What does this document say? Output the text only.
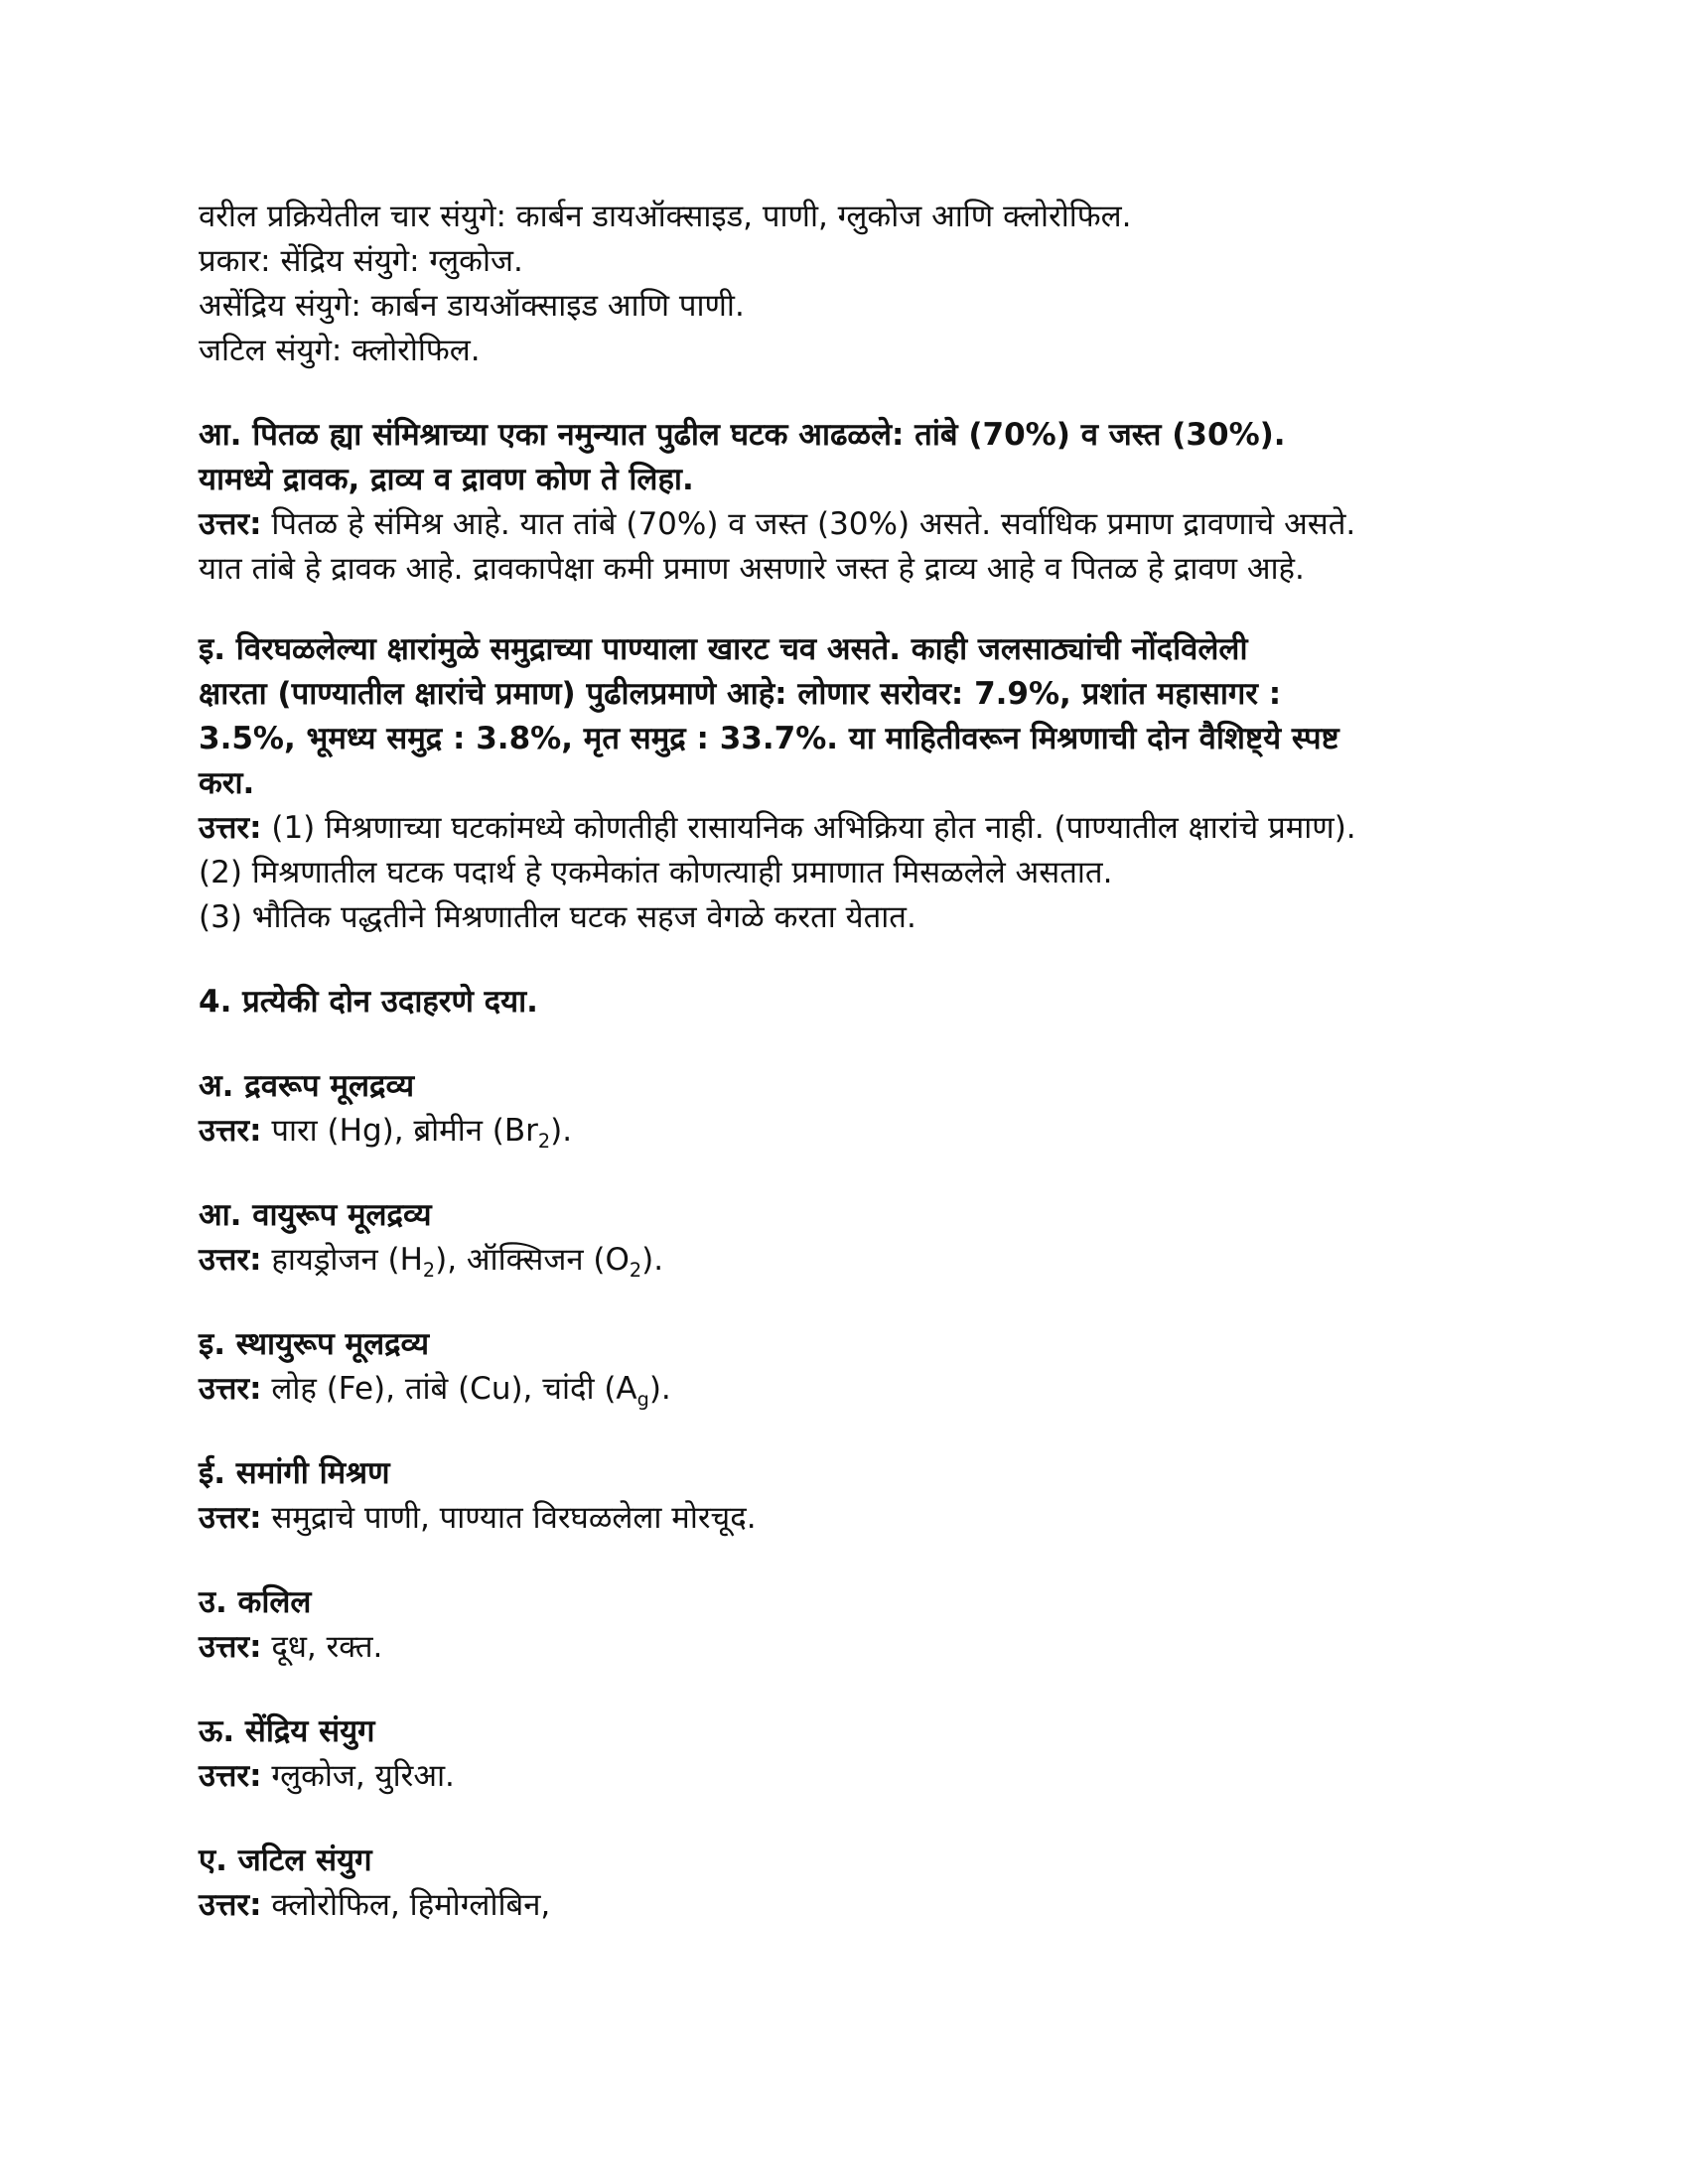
वरील प्रक्रियेतील चार संयुगे: कार्बन डायऑक्साइड, पाणी, ग्लुकोज आणि क्लोरोफिल.

प्रकार: सेंद्रिय संयुगे: ग्लुकोज.

असेंद्रिय संयुगे: कार्बन डायऑक्साइड आणि पाणी.

जटिल संयुगे: क्लोरोफिल.

आ. पितळ ह्या संमिश्राच्या एका नमुन्यात पुढील घटक आढळले: तांबे (70%) व जस्त (30%).

यामध्ये द्रावक, द्राव्य व द्रावण कोण ते लिहा.

उत्तर: पितळ हे संमिश्र आहे. यात तांबे (70%) व जस्त (30%) असते. सर्वाधिक प्रमाण द्रावणाचे असते.

यात तांबे हे द्रावक आहे. द्रावकापेक्षा कमी प्रमाण असणारे जस्त हे द्राव्य आहे व पितळ हे द्रावण आहे.

इ. विरघळलेल्या क्षारांमुळे समुद्राच्या पाण्याला खारट चव असते. काही जलसाठ्यांची नोंदविलेली

क्षारता (पाण्यातील क्षारांचे प्रमाण) पुढीलप्रमाणे आहे: लोणार सरोवर: 7.9%, प्रशांत महासागर :

3.5%, भूमध्य समुद्र : 3.8%, मृत समुद्र : 33.7%. या माहितीवरून मिश्रणाची दोन वैशिष्ट्ये स्पष्ट

करा.

उत्तर: (1) मिश्रणाच्या घटकांमध्ये कोणतीही रासायनिक अभिक्रिया होत नाही. (पाण्यातील क्षारांचे प्रमाण).

(2) मिश्रणातील घटक पदार्थ हे एकमेकांत कोणत्याही प्रमाणात मिसळलेले असतात.

(3) भौतिक पद्धतीने मिश्रणातील घटक सहज वेगळे करता येतात.

4. प्रत्येकी दोन उदाहरणे दया.

अ. द्रवरूप मूलद्रव्य

उत्तर: पारा (Hg), ब्रोमीन $(Br_2)$.

आ. वायुरूप मूलद्रव्य

उत्तर: हायड्रोजन $(H_2)$, ऑक्सिजन $(O_2)$.

इ. स्थायुरूप मूलद्रव्य

उत्तर: लोह (Fe), तांबे (Cu), चांदी $(A_g)$.

ई. समांगी मिश्रण

उत्तर: समुद्राचे पाणी, पाण्यात विरघळलेला मोरचूद.

उ. कलिल

उत्तर: दूध, रक्त.

ऊ. सेंद्रिय संयुग

उत्तर: ग्लुकोज, युरिआ.

ए. जटिल संयुग

उत्तर: क्लोरोफिल, हिमोग्लोबिन,
